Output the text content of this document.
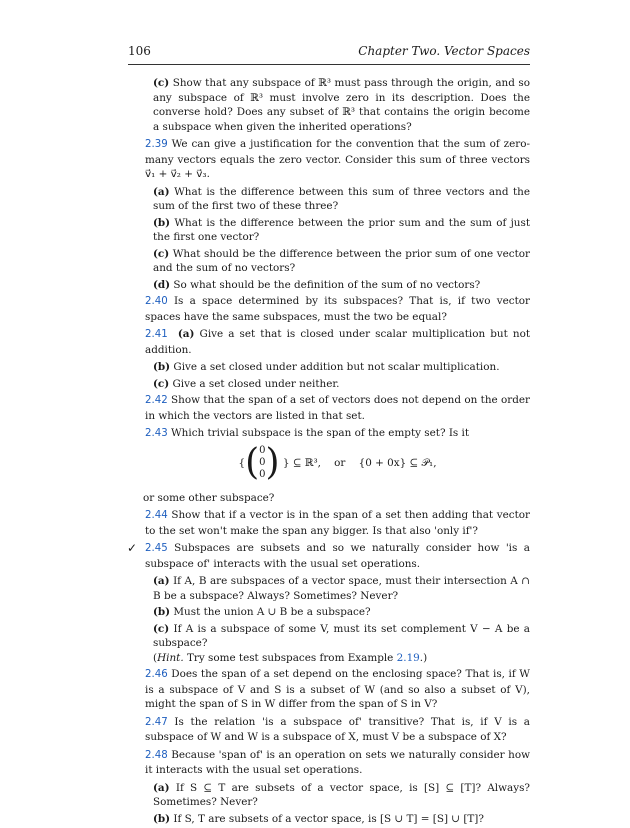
106	Chapter Two. Vector Spaces

(c) Show that any subspace of ℝ³ must pass through the origin, and so any subspace of ℝ³ must involve zero in its description. Does the converse hold? Does any subset of ℝ³ that contains the origin become a subspace when given the inherited operations?

2.39 We can give a justification for the convention that the sum of zero-many vectors equals the zero vector. Consider this sum of three vectors v⃗₁ + v⃗₂ + v⃗₃.

(a) What is the difference between this sum of three vectors and the sum of the first two of these three?

(b) What is the difference between the prior sum and the sum of just the first one vector?

(c) What should be the difference between the prior sum of one vector and the sum of no vectors?

(d) So what should be the definition of the sum of no vectors?

2.40 Is a space determined by its subspaces? That is, if two vector spaces have the same subspaces, must the two be equal?

2.41 (a) Give a set that is closed under scalar multiplication but not addition.

(b) Give a set closed under addition but not scalar multiplication.

(c) Give a set closed under neither.

2.42 Show that the span of a set of vectors does not depend on the order in which the vectors are listed in that set.

2.43 Which trivial subspace is the span of the empty set? Is it

{(0
0
0) } ⊆ ℝ³, or {0 + 0x} ⊆ 𝒫₁,

or some other subspace?

2.44 Show that if a vector is in the span of a set then adding that vector to the set won't make the span any bigger. Is that also 'only if'?

✓ 2.45 Subspaces are subsets and so we naturally consider how 'is a subspace of' interacts with the usual set operations.

(a) If A, B are subspaces of a vector space, must their intersection A ∩ B be a subspace? Always? Sometimes? Never?

(b) Must the union A ∪ B be a subspace?

(c) If A is a subspace of some V, must its set complement V − A be a subspace?
(Hint. Try some test subspaces from Example 2.19.)

2.46 Does the span of a set depend on the enclosing space? That is, if W is a subspace of V and S is a subset of W (and so also a subset of V), might the span of S in W differ from the span of S in V?

2.47 Is the relation 'is a subspace of' transitive? That is, if V is a subspace of W and W is a subspace of X, must V be a subspace of X?

2.48 Because 'span of' is an operation on sets we naturally consider how it interacts with the usual set operations.

(a) If S ⊆ T are subsets of a vector space, is [S] ⊆ [T]? Always? Sometimes? Never?

(b) If S, T are subsets of a vector space, is [S ∪ T] = [S] ∪ [T]?
